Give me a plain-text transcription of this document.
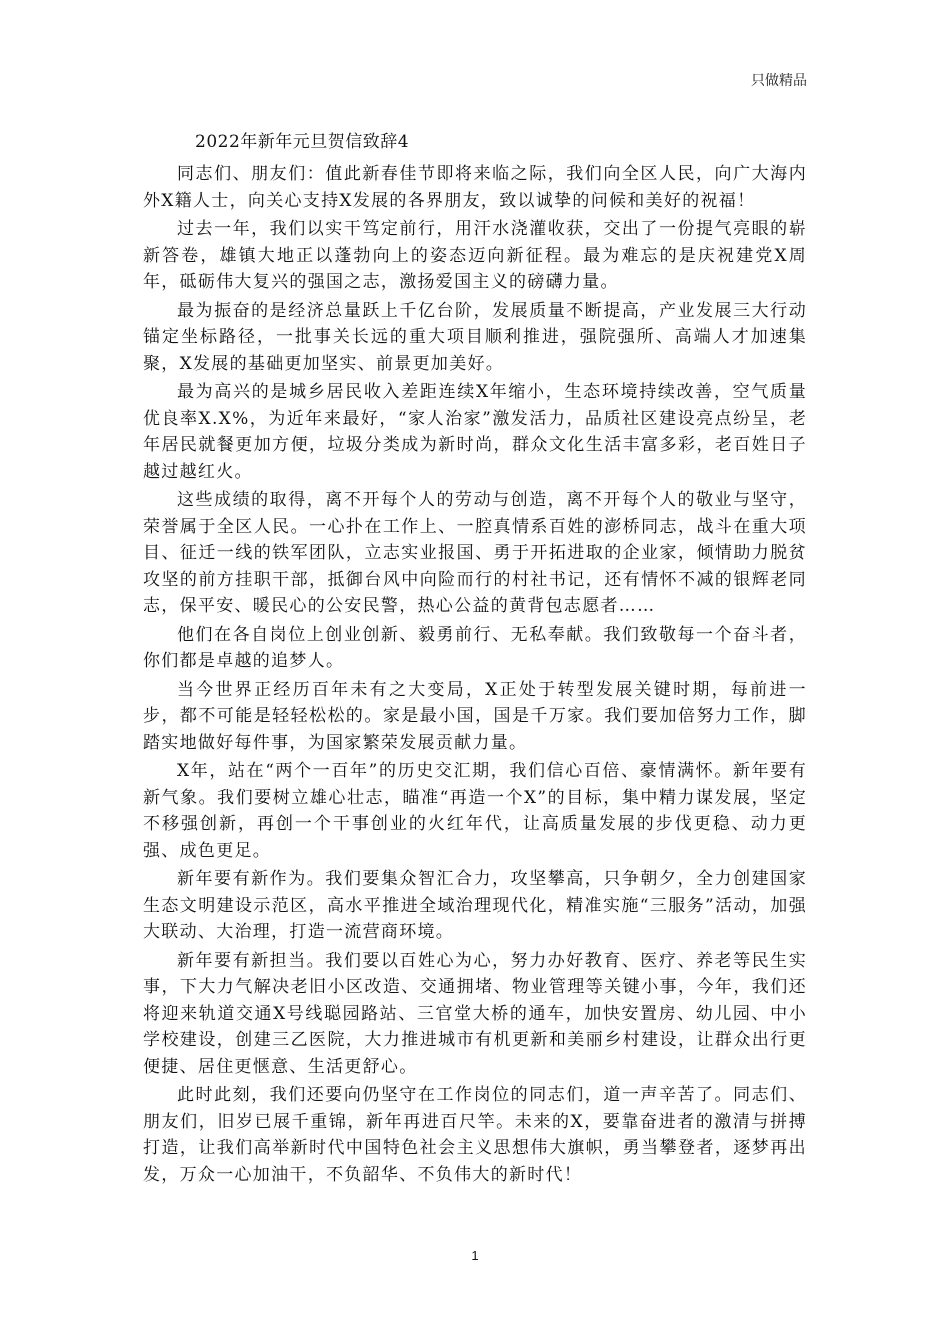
只做精品
2022年新年元旦贺信致辞4

同志们、朋友们：值此新春佳节即将来临之际，我们向全区人民，向广大海内外X籍人士，向关心支持X发展的各界朋友，致以诚挚的问候和美好的祝福！

过去一年，我们以实干笃定前行，用汗水浇灌收获，交出了一份提气亮眼的崭新答卷，雄镇大地正以蓬勃向上的姿态迈向新征程。最为难忘的是庆祝建党X周年，砥砺伟大复兴的强国之志，激扬爱国主义的磅礴力量。

最为振奋的是经济总量跃上千亿台阶，发展质量不断提高，产业发展三大行动锚定坐标路径，一批事关长远的重大项目顺利推进，强院强所、高端人才加速集聚，X发展的基础更加坚实、前景更加美好。

最为高兴的是城乡居民收入差距连续X年缩小，生态环境持续改善，空气质量优良率X.X%，为近年来最好，“家人治家”激发活力，品质社区建设亮点纷呈，老年居民就餐更加方便，垃圾分类成为新时尚，群众文化生活丰富多彩，老百姓日子越过越红火。

这些成绩的取得，离不开每个人的劳动与创造，离不开每个人的敬业与坚守，荣誉属于全区人民。一心扑在工作上、一腔真情系百姓的澎桥同志，战斗在重大项目、征迁一线的铁军团队，立志实业报国、勇于开拓进取的企业家，倾情助力脱贫攻坚的前方挂职干部，抵御台风中向险而行的村社书记，还有情怀不减的银辉老同志，保平安、暖民心的公安民警，热心公益的黄背包志愿者……

他们在各自岗位上创业创新、毅勇前行、无私奉献。我们致敬每一个奋斗者，你们都是卓越的追梦人。

当今世界正经历百年未有之大变局，X正处于转型发展关键时期，每前进一步，都不可能是轻轻松松的。家是最小国，国是千万家。我们要加倍努力工作，脚踏实地做好每件事，为国家繁荣发展贡献力量。

X年，站在“两个一百年”的历史交汇期，我们信心百倍、豪情满怀。新年要有新气象。我们要树立雄心壮志，瞄准“再造一个X”的目标，集中精力谋发展，坚定不移强创新，再创一个干事创业的火红年代，让高质量发展的步伐更稳、动力更强、成色更足。

新年要有新作为。我们要集众智汇合力，攻坚攀高，只争朝夕，全力创建国家生态文明建设示范区，高水平推进全域治理现代化，精准实施“三服务”活动，加强大联动、大治理，打造一流营商环境。

新年要有新担当。我们要以百姓心为心，努力办好教育、医疗、养老等民生实事，下大力气解决老旧小区改造、交通拥堵、物业管理等关键小事，今年，我们还将迎来轨道交通X号线聪园路站、三官堂大桥的通车，加快安置房、幼儿园、中小学校建设，创建三乙医院，大力推进城市有机更新和美丽乡村建设，让群众出行更便捷、居住更惬意、生活更舒心。

此时此刻，我们还要向仍坚守在工作岗位的同志们，道一声辛苦了。同志们、朋友们，旧岁已展千重锦，新年再进百尺竿。未来的X，要靠奋进者的激清与拼搏打造，让我们高举新时代中国特色社会主义思想伟大旗帜，勇当攀登者，逐梦再出发，万众一心加油干，不负韶华、不负伟大的新时代！

1
